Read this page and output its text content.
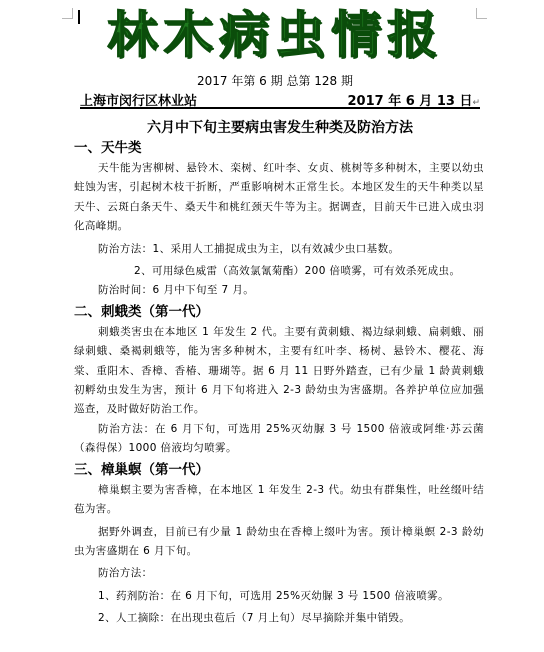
林木病虫情报
2017 年第 6 期 总第 128 期
上海市闵行区林业站	2017 年 6 月 13 日↵
六月中下旬主要病虫害发生种类及防治方法

一、天牛类

天牛能为害柳树、悬铃木、栾树、红叶李、女贞、桃树等多种树木，主要以幼虫蛀蚀为害，引起树木枝干折断，严重影响树木正常生长。本地区发生的天牛种类以星天牛、云斑白条天牛、桑天牛和桃红颈天牛等为主。据调查，目前天牛已进入成虫羽化高峰期。

防治方法：1、采用人工捕捉成虫为主，以有效减少虫口基数。

2、可用绿色威雷（高效氯氰菊酯）200 倍喷雾，可有效杀死成虫。

防治时间：6 月中下旬至 7 月。

二、刺蛾类（第一代）

刺蛾类害虫在本地区 1 年发生 2 代。主要有黄刺蛾、褐边绿刺蛾、扁刺蛾、丽绿刺蛾、桑褐刺蛾等，能为害多种树木，主要有红叶李、杨树、悬铃木、樱花、海棠、重阳木、香樟、香椿、珊瑚等。据 6 月 11 日野外踏查，已有少量 1 龄黄刺蛾初孵幼虫发生为害，预计 6 月下旬将进入 2-3 龄幼虫为害盛期。各养护单位应加强巡查，及时做好防治工作。

防治方法：在 6 月下旬，可选用 25%灭幼脲 3 号 1500 倍液或阿维·苏云菌（森得保）1000 倍液均匀喷雾。

三、樟巢螟（第一代）

樟巢螟主要为害香樟，在本地区 1 年发生 2-3 代。幼虫有群集性，吐丝缀叶结苞为害。

据野外调查，目前已有少量 1 龄幼虫在香樟上缀叶为害。预计樟巢螟 2-3 龄幼虫为害盛期在 6 月下旬。

防治方法：

1、药剂防治：在 6 月下旬，可选用 25%灭幼脲 3 号 1500 倍液喷雾。

2、人工摘除：在出现虫苞后（7 月上旬）尽早摘除并集中销毁。
